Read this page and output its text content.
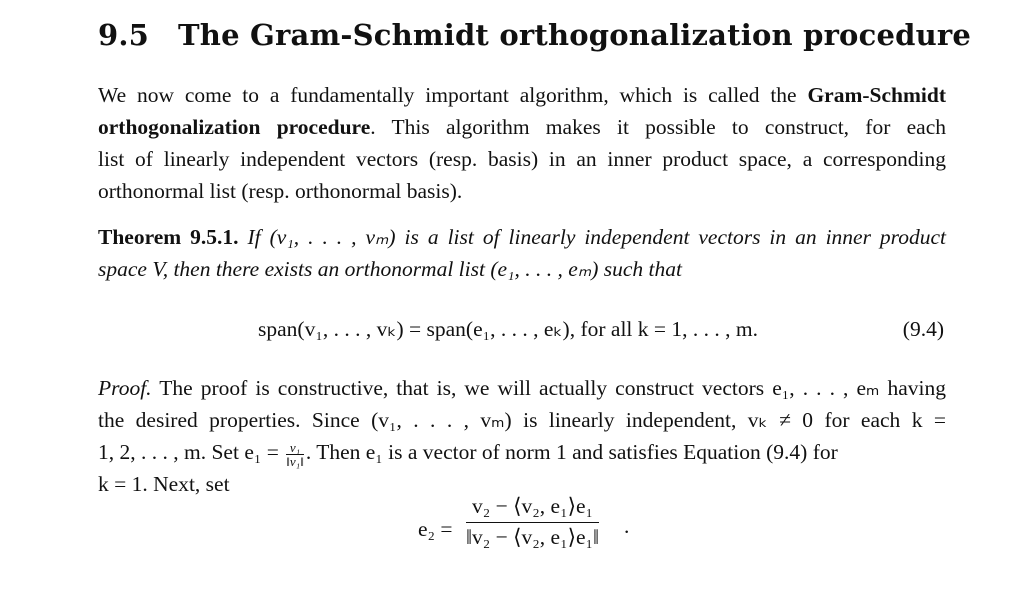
9.5 The Gram-Schmidt orthogonalization procedure
We now come to a fundamentally important algorithm, which is called the Gram-Schmidt
orthogonalization procedure. This algorithm makes it possible to construct, for each
list of linearly independent vectors (resp. basis) in an inner product space, a corresponding
orthonormal list (resp. orthonormal basis).
Theorem 9.5.1. If (v₁, . . . , vₘ) is a list of linearly independent vectors in an inner product
space V, then there exists an orthonormal list (e₁, . . . , eₘ) such that
span(v₁, . . . , vₖ) = span(e₁, . . . , eₖ), for all k = 1, . . . , m.	(9.4)
Proof. The proof is constructive, that is, we will actually construct vectors e₁, . . . , eₘ having
the desired properties. Since (v₁, . . . , vₘ) is linearly independent, vₖ ≠ 0 for each k =
1, 2, . . . , m. Set $e_1 = \frac{\text{v₁}}{\text{‖v₁‖}}$ . Then e₁ is a vector of norm 1 and satisfies Equation (9.4) for
k = 1. Next, set
$e_2 = \frac{\text{v₂ − ⟨v₂, e₁⟩e₁}}{\text{‖v₂ − ⟨v₂, e₁⟩e₁‖}}$ .
